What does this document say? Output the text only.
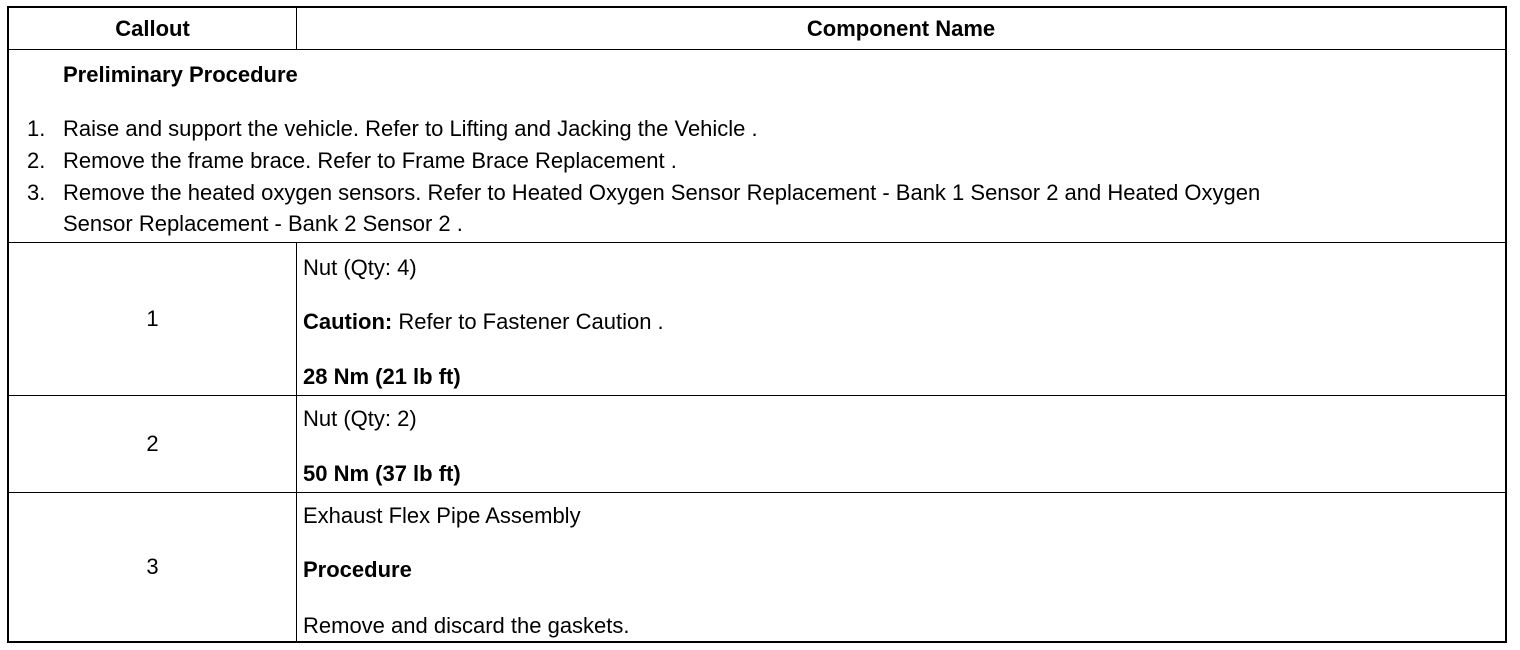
Callout	Component Name
Preliminary Procedure
1. Raise and support the vehicle. Refer to Lifting and Jacking the Vehicle .
2. Remove the frame brace. Refer to Frame Brace Replacement .
3. Remove the heated oxygen sensors. Refer to Heated Oxygen Sensor Replacement - Bank 1 Sensor 2 and Heated Oxygen
Sensor Replacement - Bank 2 Sensor 2 .
1
Nut (Qty: 4)
Caution: Refer to Fastener Caution .
28 Nm (21 lb ft)
2
Nut (Qty: 2)
50 Nm (37 lb ft)
3
Exhaust Flex Pipe Assembly
Procedure
Remove and discard the gaskets.
